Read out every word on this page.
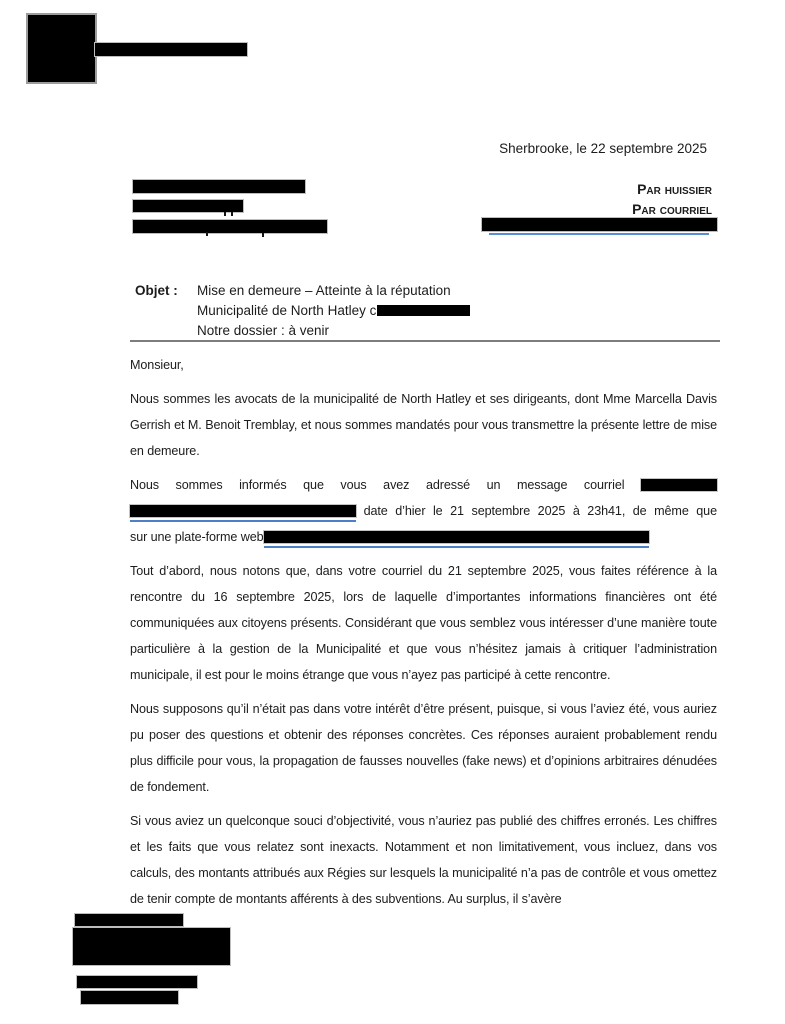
Sherbrooke, le 22 septembre 2025
Par huissier
Par courriel
Objet :	Mise en demeure – Atteinte à la réputation
Municipalité de North Hatley c
Notre dossier : à venir

Monsieur,

Nous sommes les avocats de la municipalité de North Hatley et ses dirigeants, dont Mme Marcella Davis Gerrish et M. Benoit Tremblay, et nous sommes mandatés pour vous transmettre la présente lettre de mise en demeure.

Nous sommes informés que vous avez adressé un message courriel
date d’hier le 21 septembre 2025 à 23h41, de même que
sur une plate-forme web

Tout d’abord, nous notons que, dans votre courriel du 21 septembre 2025, vous faites référence à la rencontre du 16 septembre 2025, lors de laquelle d’importantes informations financières ont été communiquées aux citoyens présents. Considérant que vous semblez vous intéresser d’une manière toute particulière à la gestion de la Municipalité et que vous n’hésitez jamais à critiquer l’administration municipale, il est pour le moins étrange que vous n’ayez pas participé à cette rencontre.

Nous supposons qu’il n’était pas dans votre intérêt d’être présent, puisque, si vous l’aviez été, vous auriez pu poser des questions et obtenir des réponses concrètes. Ces réponses auraient probablement rendu plus difficile pour vous, la propagation de fausses nouvelles (fake news) et d’opinions arbitraires dénudées de fondement.

Si vous aviez un quelconque souci d’objectivité, vous n’auriez pas publié des chiffres erronés. Les chiffres et les faits que vous relatez sont inexacts. Notamment et non limitativement, vous incluez, dans vos calculs, des montants attribués aux Régies sur lesquels la municipalité n’a pas de contrôle et vous omettez de tenir compte de montants afférents à des subventions. Au surplus, il s’avère
